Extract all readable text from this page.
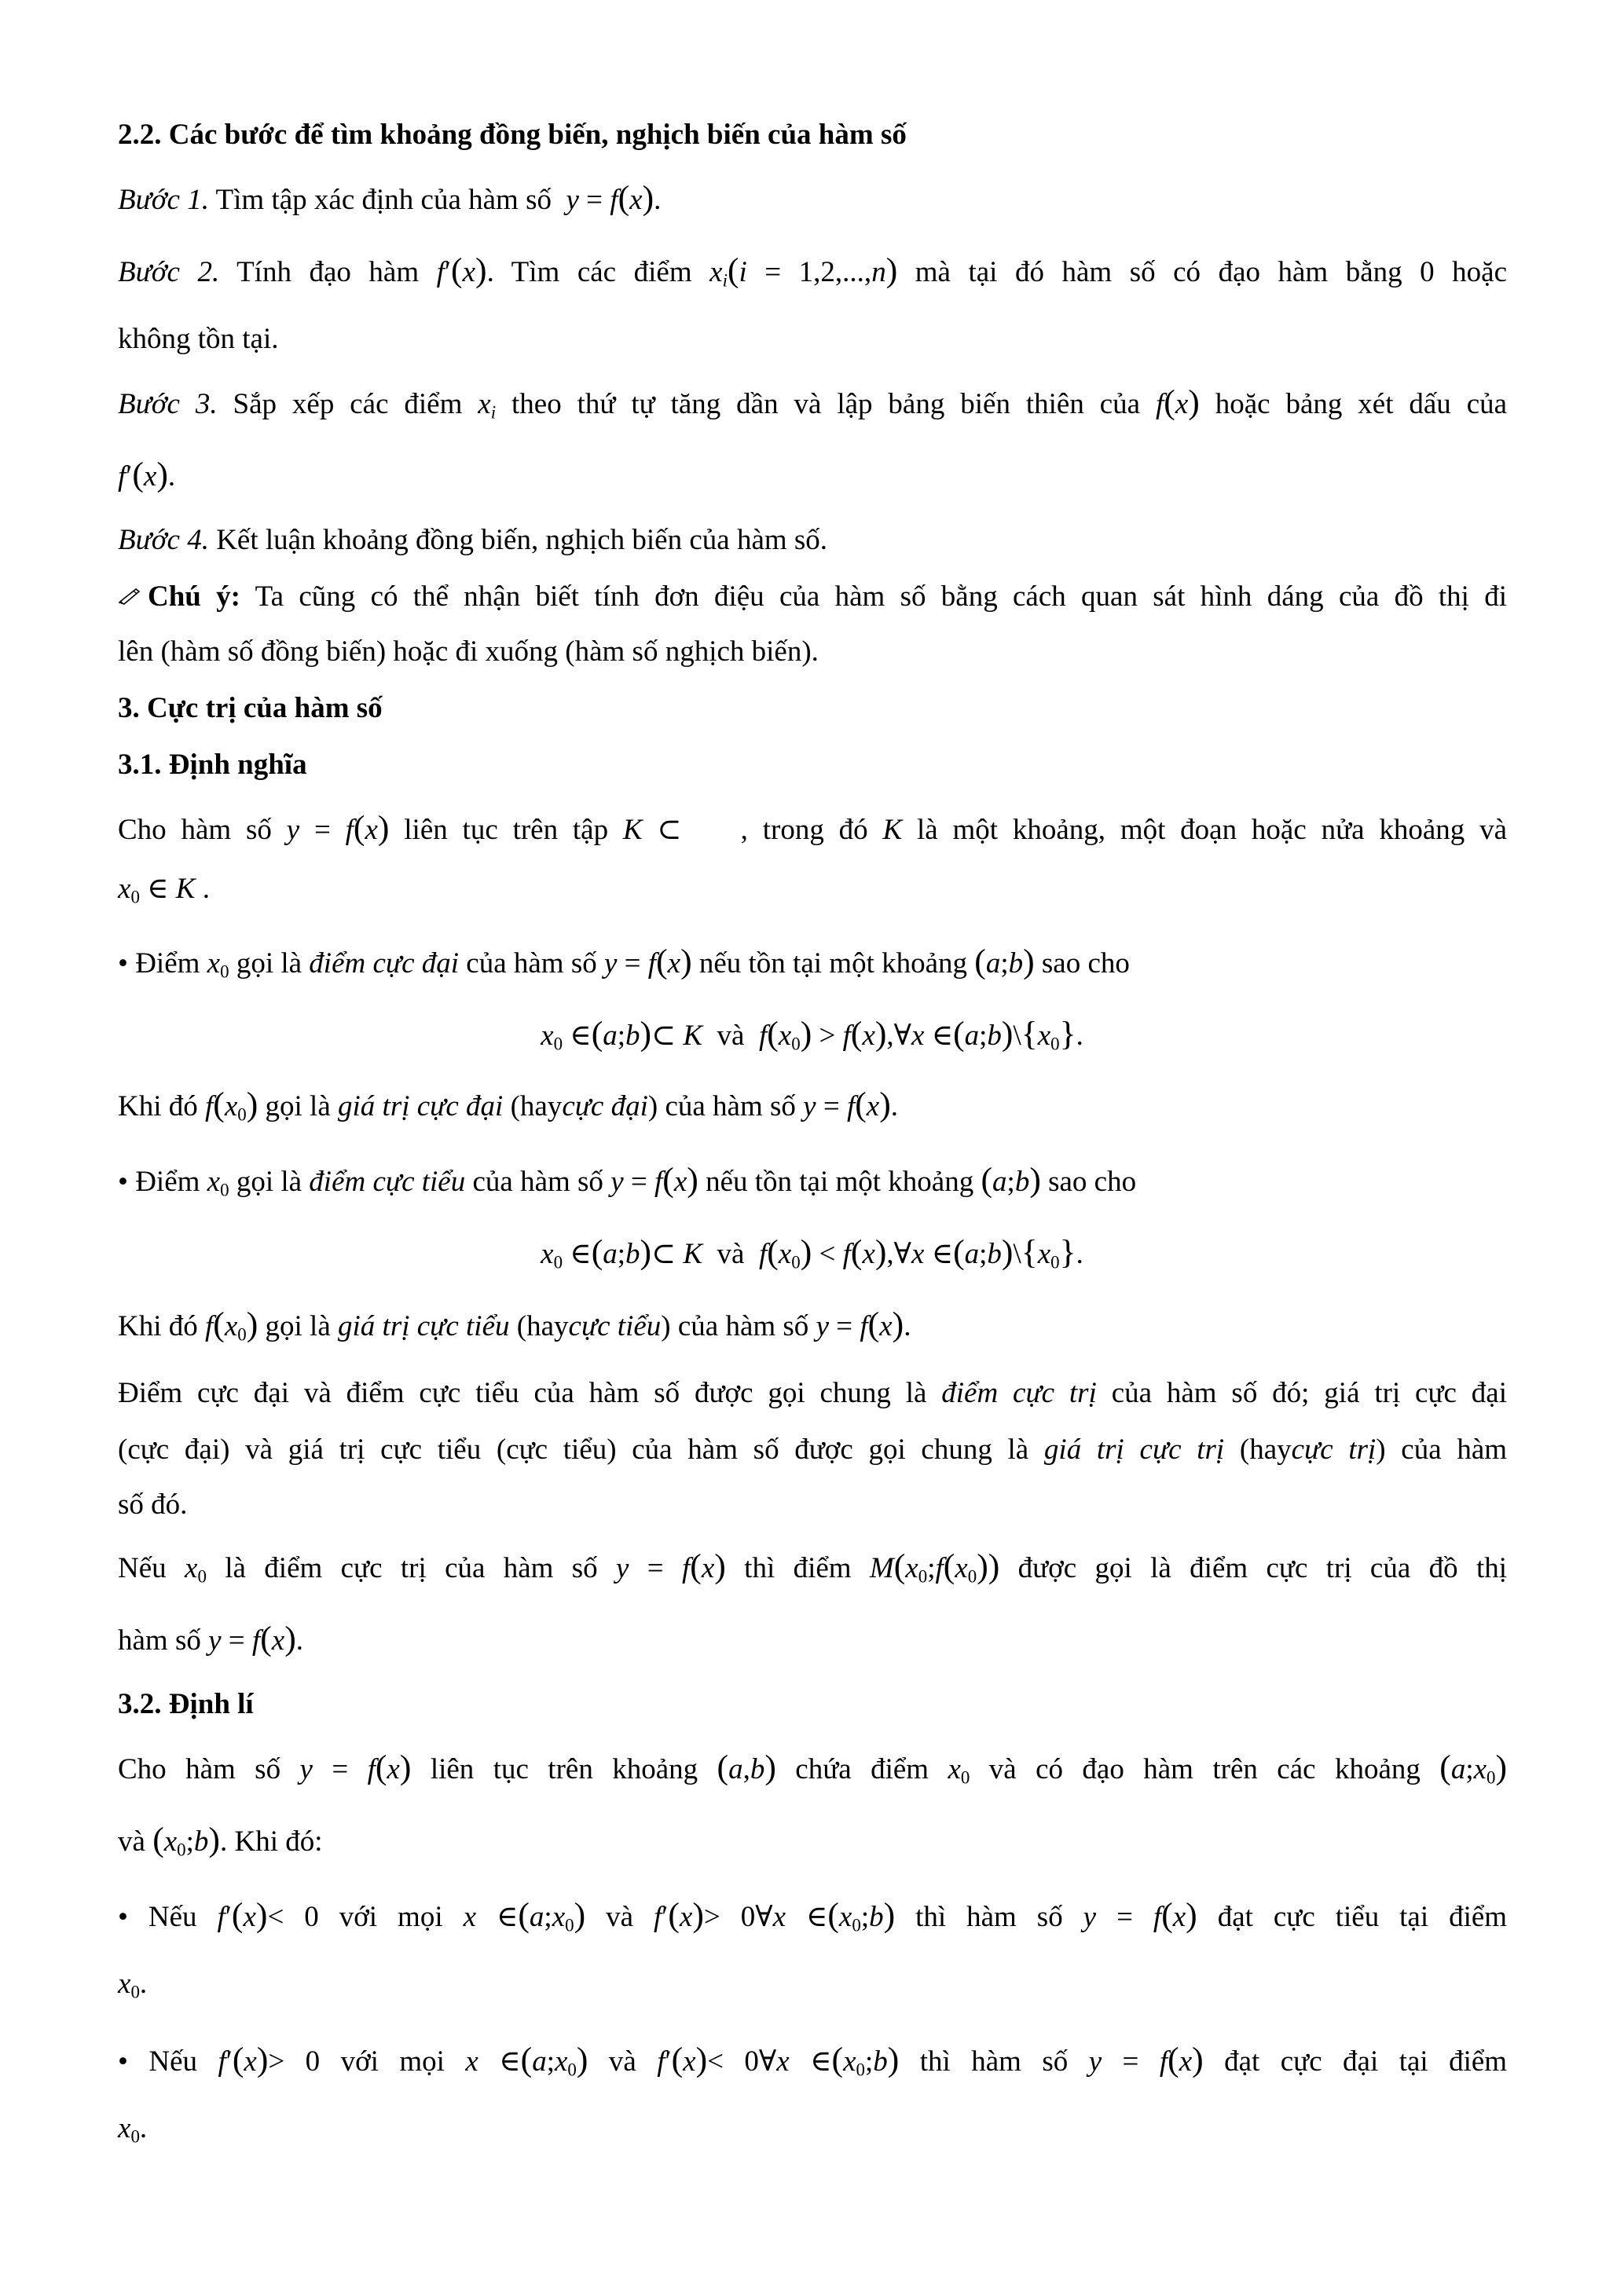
2.2. Các bước để tìm khoảng đồng biến, nghịch biến của hàm số
Bước 1. Tìm tập xác định của hàm số  y = f(x).
Bước 2. Tính đạo hàm f′(x). Tìm các điểm $x_i(i = 1,2,...,n)$ mà tại đó hàm số có đạo hàm bằng 0 hoặc
không tồn tại.
Bước 3. Sắp xếp các điểm $x_i$ theo thứ tự tăng dần và lập bảng biến thiên của f(x) hoặc bảng xét dấu của
f′(x).
Bước 4. Kết luận khoảng đồng biến, nghịch biến của hàm số.
Chú ý: Ta cũng có thể nhận biết tính đơn điệu của hàm số bằng cách quan sát hình dáng của đồ thị đi
lên (hàm số đồng biến) hoặc đi xuống (hàm số nghịch biến).
3. Cực trị của hàm số
3.1. Định nghĩa
Cho hàm số y = f(x) liên tục trên tập K ⊂ , trong đó K là một khoảng, một đoạn hoặc nửa khoảng và
$x_0$ ∈ K .
• Điểm $x_0$ gọi là điểm cực đại của hàm số y = f(x) nếu tồn tại một khoảng (a;b) sao cho
$x_0$ ∈(a;b)⊂ K và $f(x_0)$ > f(x),∀x $\in(a;b)\backslash\{x_0\}$.
Khi đó $f(x_0)$ gọi là giá trị cực đại (haycực đại) của hàm số y = f(x).
• Điểm $x_0$ gọi là điểm cực tiểu của hàm số y = f(x) nếu tồn tại một khoảng (a;b) sao cho
$x_0$ ∈(a;b)⊂ K và $f(x_0)$ < f(x),∀x $\in(a;b)\backslash\{x_0\}$.
Khi đó $f(x_0)$ gọi là giá trị cực tiểu (haycực tiểu) của hàm số y = f(x).
Điểm cực đại và điểm cực tiểu của hàm số được gọi chung là điểm cực trị của hàm số đó; giá trị cực đại
(cực đại) và giá trị cực tiểu (cực tiểu) của hàm số được gọi chung là giá trị cực trị (haycực trị) của hàm
số đó.
Nếu $x_0$ là điểm cực trị của hàm số y = f(x) thì điểm $M(x_0;f(x_0))$ được gọi là điểm cực trị của đồ thị
hàm số y = f(x).
3.2. Định lí
Cho hàm số y = f(x) liên tục trên khoảng (a,b) chứa điểm $x_0$ và có đạo hàm trên các khoảng $(a;x_0)$
và $(x_0;b)$. Khi đó:
• Nếu f′(x)< 0 với mọi x $\in(a;x_0)$ và f′(x)> 0∀x $\in(x_0;b)$ thì hàm số y = f(x) đạt cực tiểu tại điểm
$x_0$.
• Nếu f′(x)> 0 với mọi x $\in(a;x_0)$ và f′(x)< 0∀x $\in(x_0;b)$ thì hàm số y = f(x) đạt cực đại tại điểm
$x_0$.
